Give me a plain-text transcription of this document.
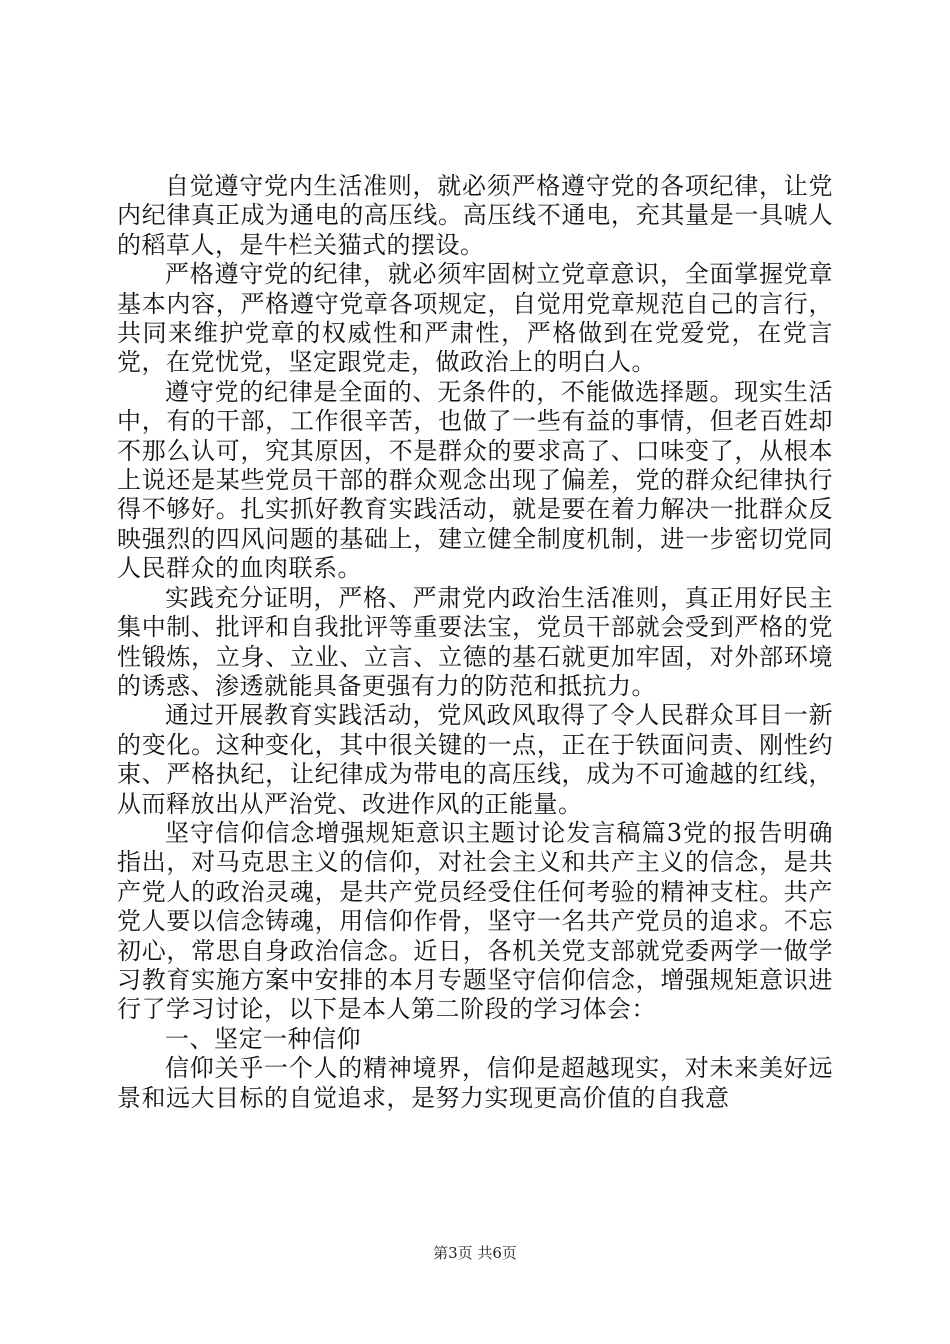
自觉遵守党内生活准则，就必须严格遵守党的各项纪律，让党内纪律真正成为通电的高压线。高压线不通电，充其量是一具唬人的稻草人，是牛栏关猫式的摆设。

严格遵守党的纪律，就必须牢固树立党章意识，全面掌握党章基本内容，严格遵守党章各项规定，自觉用党章规范自己的言行，共同来维护党章的权威性和严肃性，严格做到在党爱党，在党言党，在党忧党，坚定跟党走，做政治上的明白人。

遵守党的纪律是全面的、无条件的，不能做选择题。现实生活中，有的干部，工作很辛苦，也做了一些有益的事情，但老百姓却不那么认可，究其原因，不是群众的要求高了、口味变了，从根本上说还是某些党员干部的群众观念出现了偏差，党的群众纪律执行得不够好。扎实抓好教育实践活动，就是要在着力解决一批群众反映强烈的四风问题的基础上，建立健全制度机制，进一步密切党同人民群众的血肉联系。

实践充分证明，严格、严肃党内政治生活准则，真正用好民主集中制、批评和自我批评等重要法宝，党员干部就会受到严格的党性锻炼，立身、立业、立言、立德的基石就更加牢固，对外部环境的诱惑、渗透就能具备更强有力的防范和抵抗力。

通过开展教育实践活动，党风政风取得了令人民群众耳目一新的变化。这种变化，其中很关键的一点，正在于铁面问责、刚性约束、严格执纪，让纪律成为带电的高压线，成为不可逾越的红线，从而释放出从严治党、改进作风的正能量。

坚守信仰信念增强规矩意识主题讨论发言稿篇3党的报告明确指出，对马克思主义的信仰，对社会主义和共产主义的信念，是共产党人的政治灵魂，是共产党员经受住任何考验的精神支柱。共产党人要以信念铸魂，用信仰作骨，坚守一名共产党员的追求。不忘初心，常思自身政治信念。近日，各机关党支部就党委两学一做学习教育实施方案中安排的本月专题坚守信仰信念，增强规矩意识进行了学习讨论，以下是本人第二阶段的学习体会：

一、坚定一种信仰

信仰关乎一个人的精神境界，信仰是超越现实，对未来美好远景和远大目标的自觉追求，是努力实现更高价值的自我意

第3页 共6页
